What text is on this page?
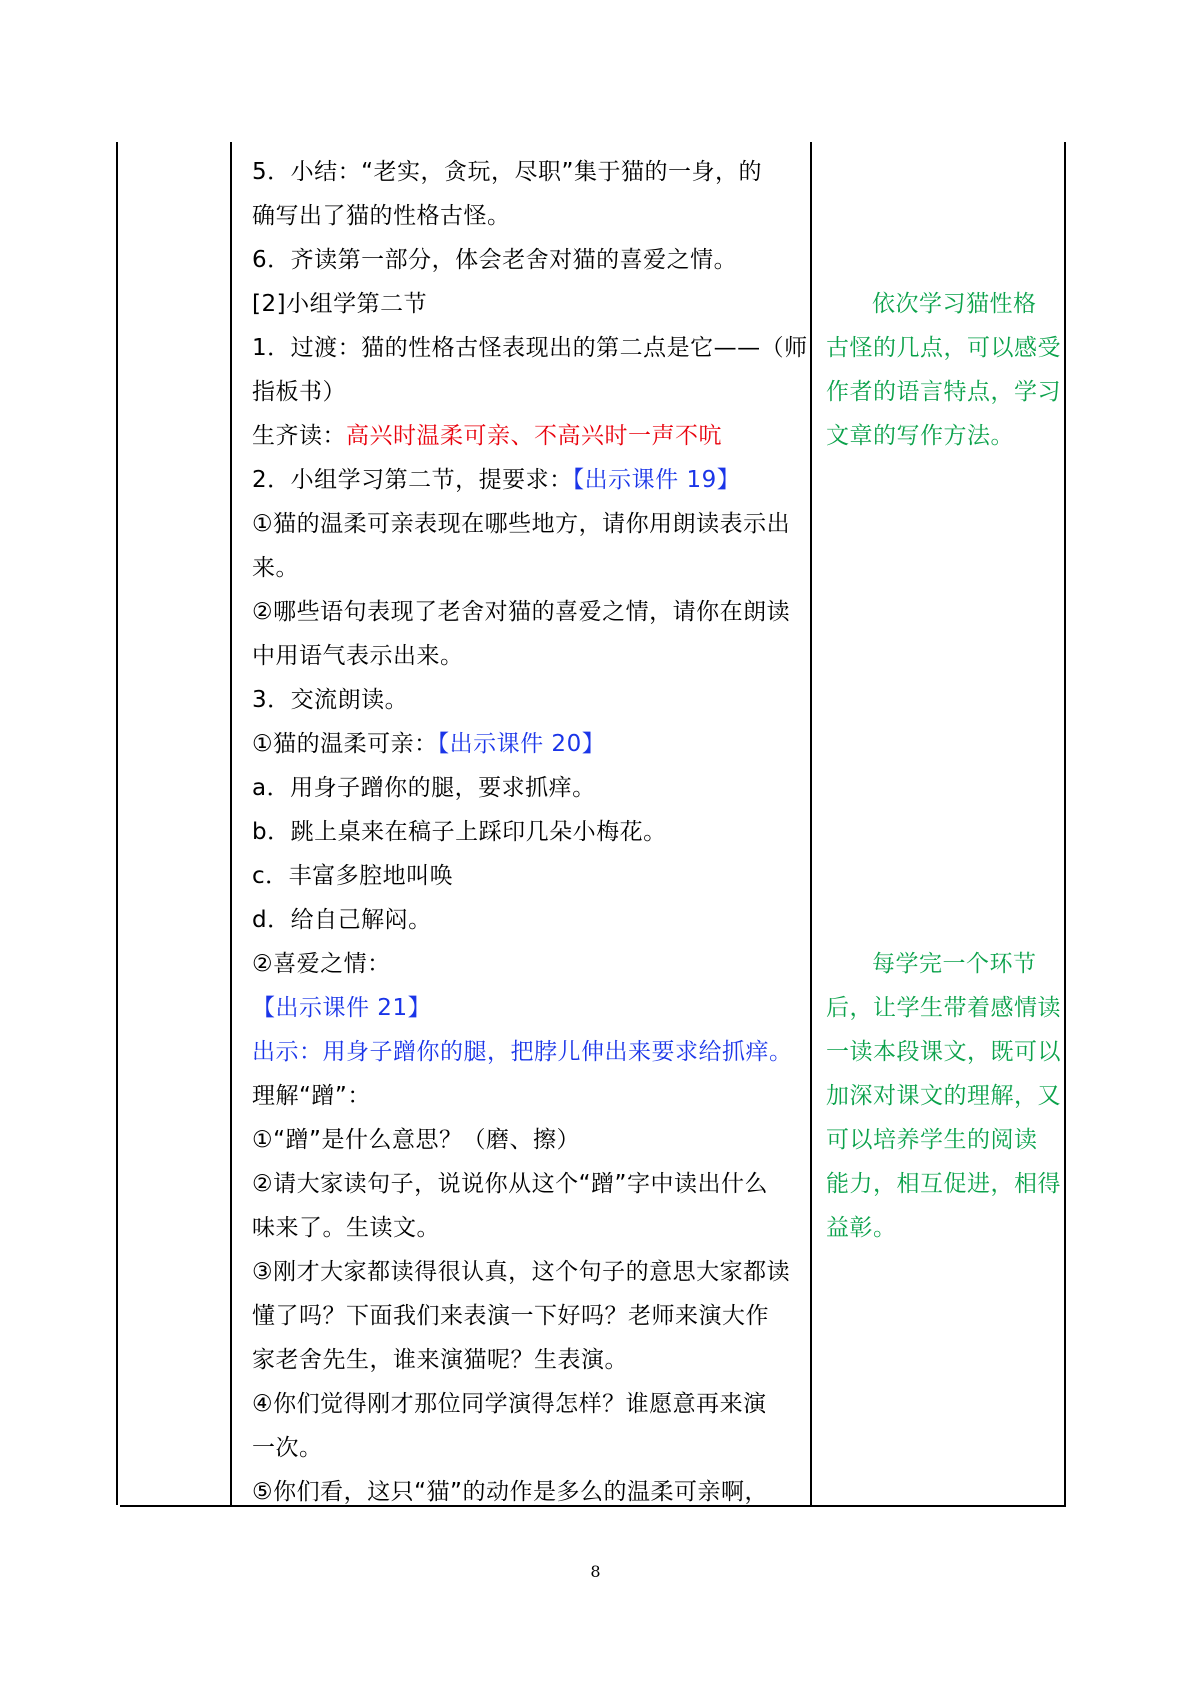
5．小结：“老实，贪玩，尽职”集于猫的一身，的
确写出了猫的性格古怪。
6．齐读第一部分，体会老舍对猫的喜爱之情。
[2]小组学第二节
1．过渡：猫的性格古怪表现出的第二点是它——（师
指板书）
生齐读：高兴时温柔可亲、不高兴时一声不吭
2．小组学习第二节，提要求：【出示课件 19】
①猫的温柔可亲表现在哪些地方，请你用朗读表示出
来。
②哪些语句表现了老舍对猫的喜爱之情，请你在朗读
中用语气表示出来。
3．交流朗读。
①猫的温柔可亲：【出示课件 20】
a．用身子蹭你的腿，要求抓痒。
b．跳上桌来在稿子上踩印几朵小梅花。
c．丰富多腔地叫唤
d．给自己解闷。
②喜爱之情：
【出示课件 21】
出示：用身子蹭你的腿，把脖儿伸出来要求给抓痒。
理解“蹭”：
①“蹭”是什么意思？（磨、擦）
②请大家读句子，说说你从这个“蹭”字中读出什么
味来了。生读文。
③刚才大家都读得很认真，这个句子的意思大家都读
懂了吗？下面我们来表演一下好吗？老师来演大作
家老舍先生，谁来演猫呢？生表演。
④你们觉得刚才那位同学演得怎样？谁愿意再来演
一次。
⑤你们看，这只“猫”的动作是多么的温柔可亲啊，
依次学习猫性格
古怪的几点，可以感受
作者的语言特点，学习
文章的写作方法。
每学完一个环节
后，让学生带着感情读
一读本段课文，既可以
加深对课文的理解，又
可以培养学生的阅读
能力，相互促进，相得
益彰。
8
